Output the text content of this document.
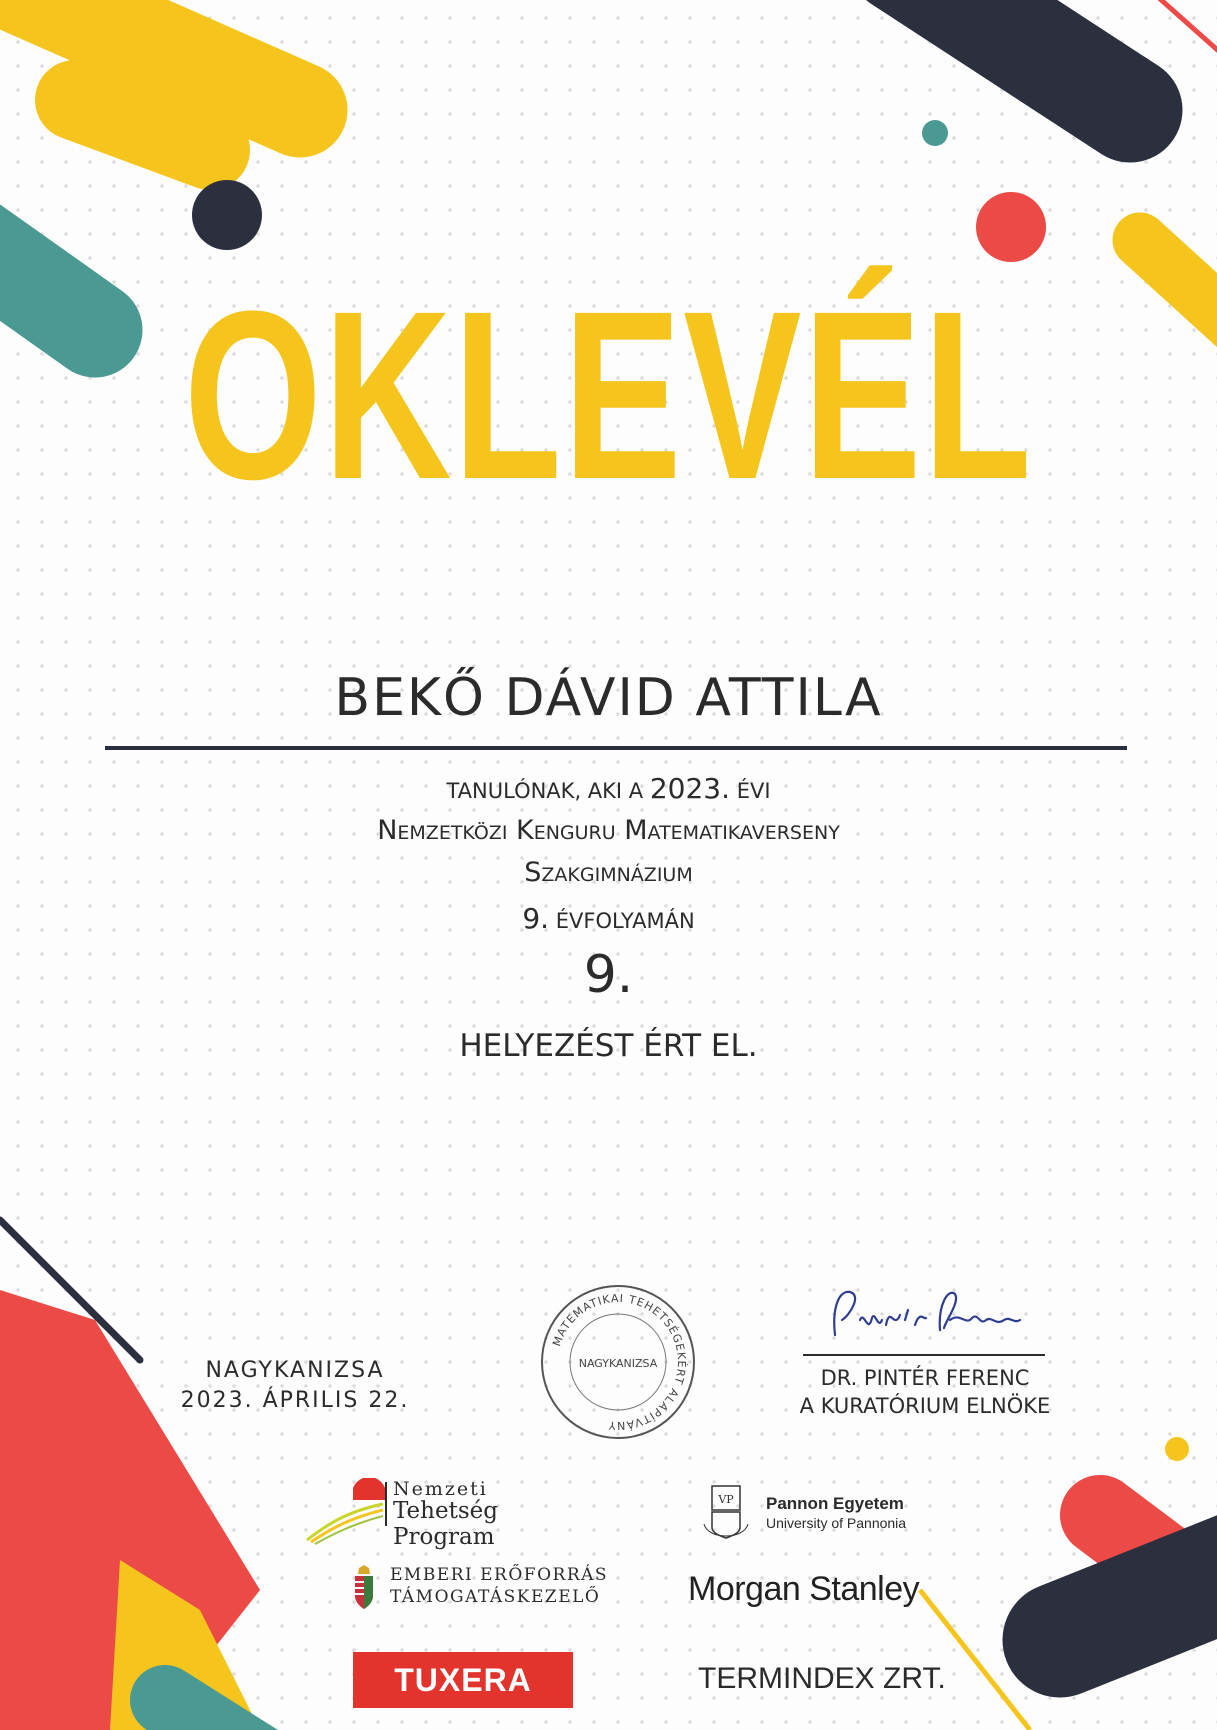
OKLEVÉL
BEKŐ DÁVID ATTILA
TANULÓNAK, AKI A 2023. ÉVI
Nemzetközi Kenguru Matematikaverseny
Szakgimnázium
9. ÉVFOLYAMÁN
9.
HELYEZÉST ÉRT EL.
NAGYKANIZSA
2023. ÁPRILIS 22.
MATEMATIKAI TEHETSÉGEKÉRT ALAPÍTVÁNY
NAGYKANIZSA
DR. PINTÉR FERENC
A KURATÓRIUM ELNÖKE
Nemzeti
Tehetség Program
VP Pannon Egyetem
University of Pannonia
EMBERI ERŐFORRÁS
TÁMOGATÁSKEZELŐ	Morgan Stanley
TUXERA	TERMINDEX ZRT.
